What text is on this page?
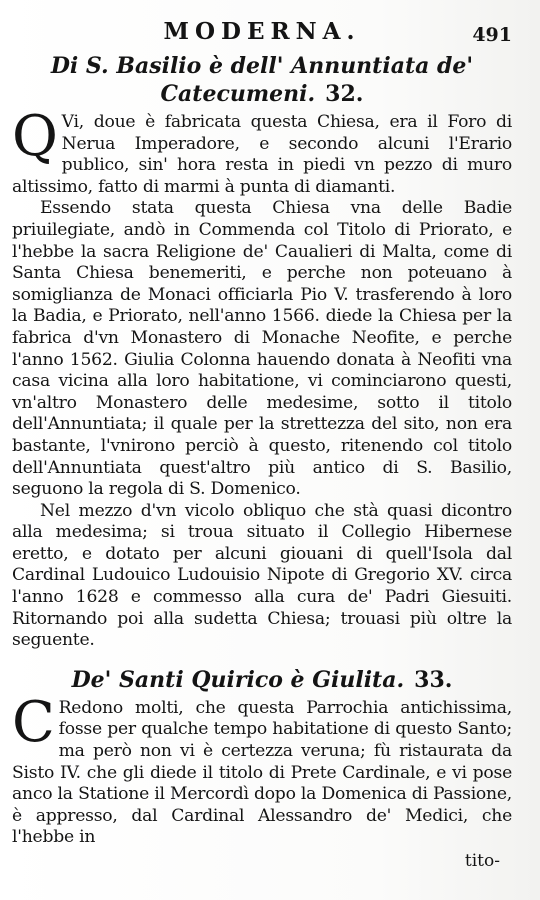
MODERNA.	491
Di S. Basilio è dell' Annuntiata de' Catecumeni. 32.

Q Vi, doue è fabricata questa Chiesa, era il Foro di Nerua Imperadore, e secondo alcuni l'Erario publico, sin' hora resta in piedi vn pezzo di muro altissimo, fatto di marmi à punta di diamanti.

Essendo stata questa Chiesa vna delle Badie priuilegiate, andò in Commenda col Titolo di Priorato, e l'hebbe la sacra Religione de' Caualieri di Malta, come di Santa Chiesa benemeriti, e perche non poteuano à somiglianza de Monaci officiarla Pio V. trasferendo à loro la Badia, e Priorato, nell'anno 1566. diede la Chiesa per la fabrica d'vn Monastero di Monache Neofite, e perche l'anno 1562. Giulia Colonna hauendo donata à Neofiti vna casa vicina alla loro habitatione, vi cominciarono questi, vn'altro Monastero delle medesime, sotto il titolo dell'Annuntiata; il quale per la strettezza del sito, non era bastante, l'vnirono perciò à questo, ritenendo col titolo dell'Annuntiata quest'altro più antico di S. Basilio, seguono la regola di S. Domenico.

Nel mezzo d'vn vicolo obliquo che stà quasi dicontro alla medesima; si troua situato il Collegio Hibernese eretto, e dotato per alcuni giouani di quell'Isola dal Cardinal Ludouico Ludouisio Nipote di Gregorio XV. circa l'anno 1628 e commesso alla cura de' Padri Giesuiti. Ritornando poi alla sudetta Chiesa; trouasi più oltre la seguente.

De' Santi Quirico è Giulita. 33.

C Redono molti, che questa Parrochia antichissima, fosse per qualche tempo habitatione di questo Santo; ma però non vi è certezza veruna; fù ristaurata da Sisto IV. che gli diede il titolo di Prete Cardinale, e vi pose anco la Statione il Mercordì dopo la Domenica di Passione, è appresso, dal Cardinal Alessandro de' Medici, che l'hebbe in

tito-
